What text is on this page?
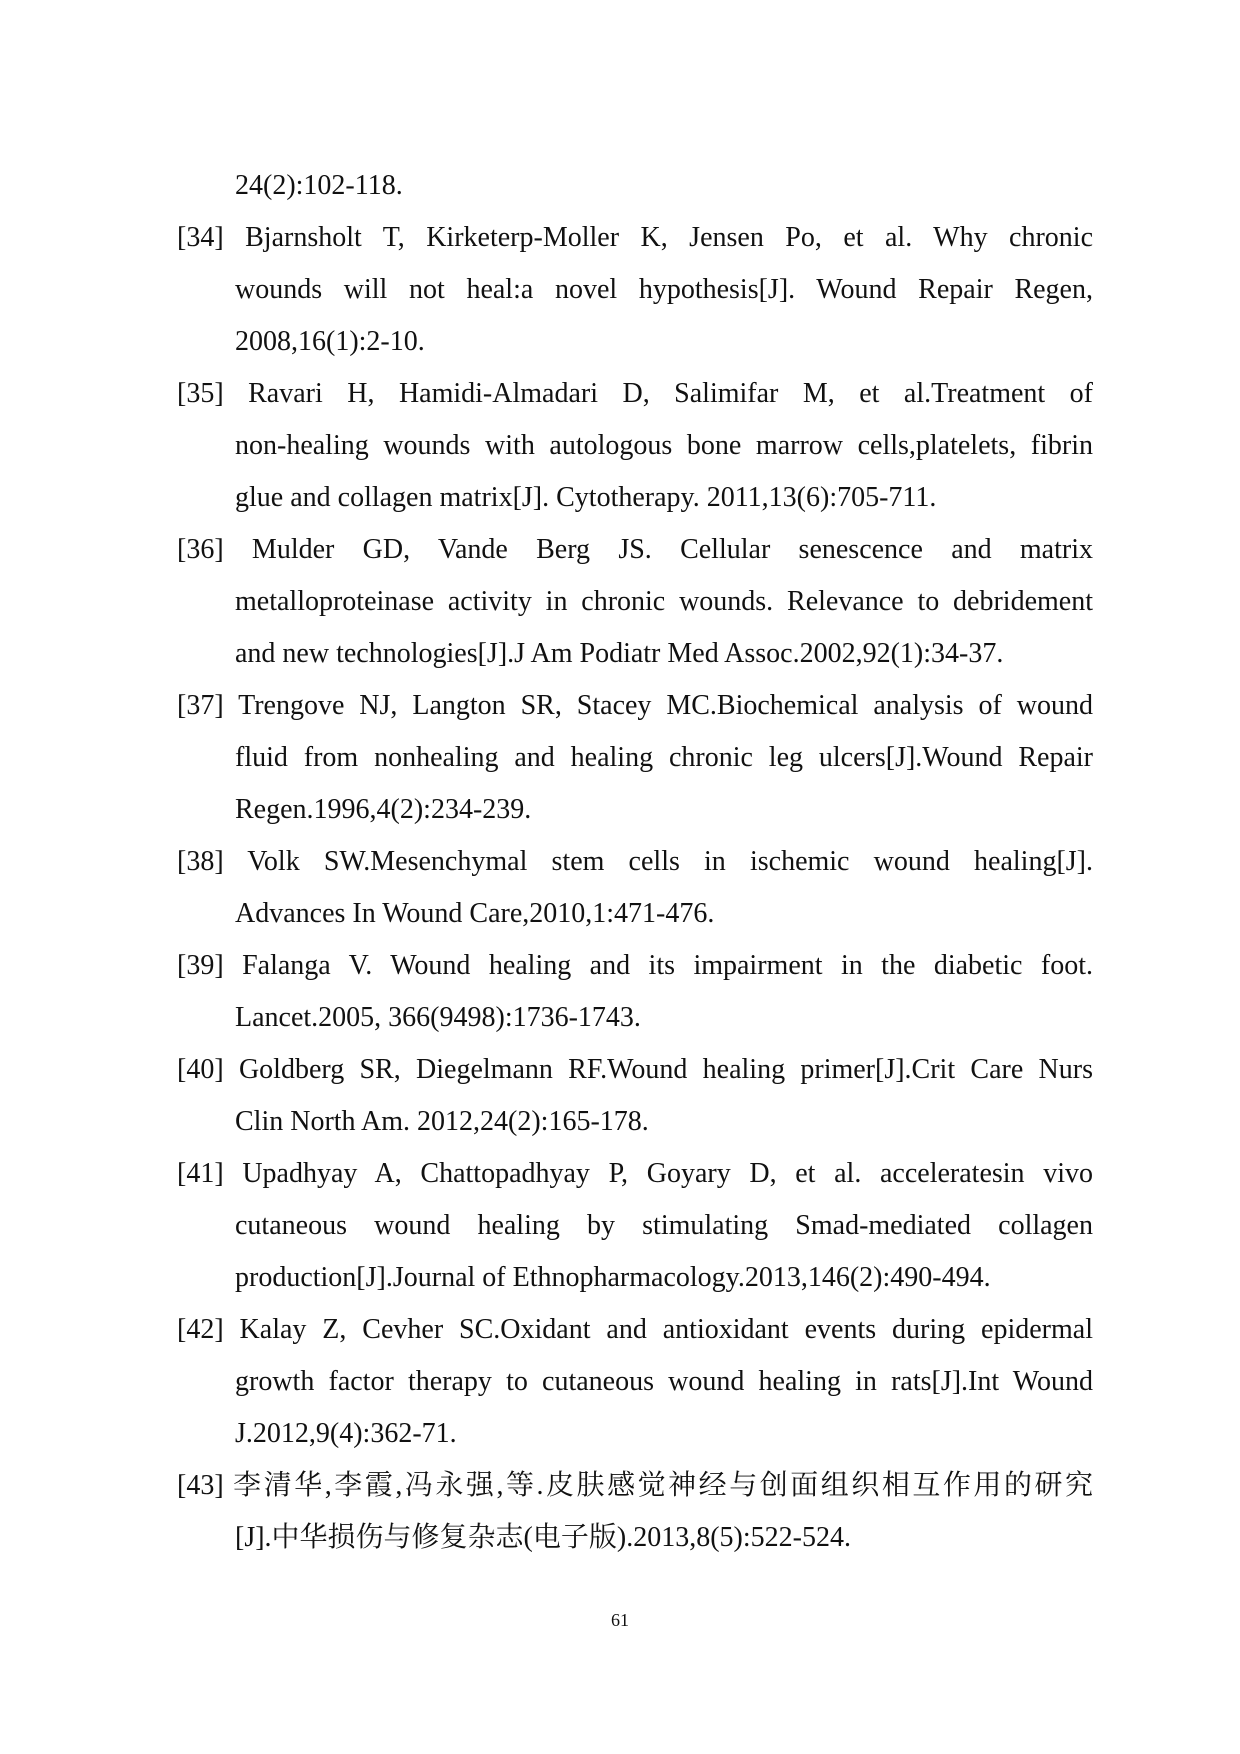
24(2):102-118.
[34] Bjarnsholt T, Kirketerp-Moller K, Jensen Po, et al. Why chronic
wounds will not heal:a novel hypothesis[J]. Wound Repair Regen,
2008,16(1):2-10.
[35] Ravari H, Hamidi-Almadari D, Salimifar M, et al.Treatment of
non-healing wounds with autologous bone marrow cells,platelets, fibrin
glue and collagen matrix[J]. Cytotherapy. 2011,13(6):705-711.
[36] Mulder GD, Vande Berg JS. Cellular senescence and matrix
metalloproteinase activity in chronic wounds. Relevance to debridement
and new technologies[J].J Am Podiatr Med Assoc.2002,92(1):34-37.
[37] Trengove NJ, Langton SR, Stacey MC.Biochemical analysis of wound
fluid from nonhealing and healing chronic leg ulcers[J].Wound Repair
Regen.1996,4(2):234-239.
[38] Volk SW.Mesenchymal stem cells in ischemic wound healing[J].
Advances In Wound Care,2010,1:471-476.
[39] Falanga V. Wound healing and its impairment in the diabetic foot.
Lancet.2005, 366(9498):1736-1743.
[40] Goldberg SR, Diegelmann RF.Wound healing primer[J].Crit Care Nurs
Clin North Am. 2012,24(2):165-178.
[41] Upadhyay A, Chattopadhyay P, Goyary D, et al. acceleratesin vivo
cutaneous wound healing by stimulating Smad-mediated collagen
production[J].Journal of Ethnopharmacology.2013,146(2):490-494.
[42] Kalay Z, Cevher SC.Oxidant and antioxidant events during epidermal
growth factor therapy to cutaneous wound healing in rats[J].Int Wound
J.2012,9(4):362-71.
[43] 李清华,李霞,冯永强,等.皮肤感觉神经与创面组织相互作用的研究
[J].中华损伤与修复杂志(电子版).2013,8(5):522-524.
61
